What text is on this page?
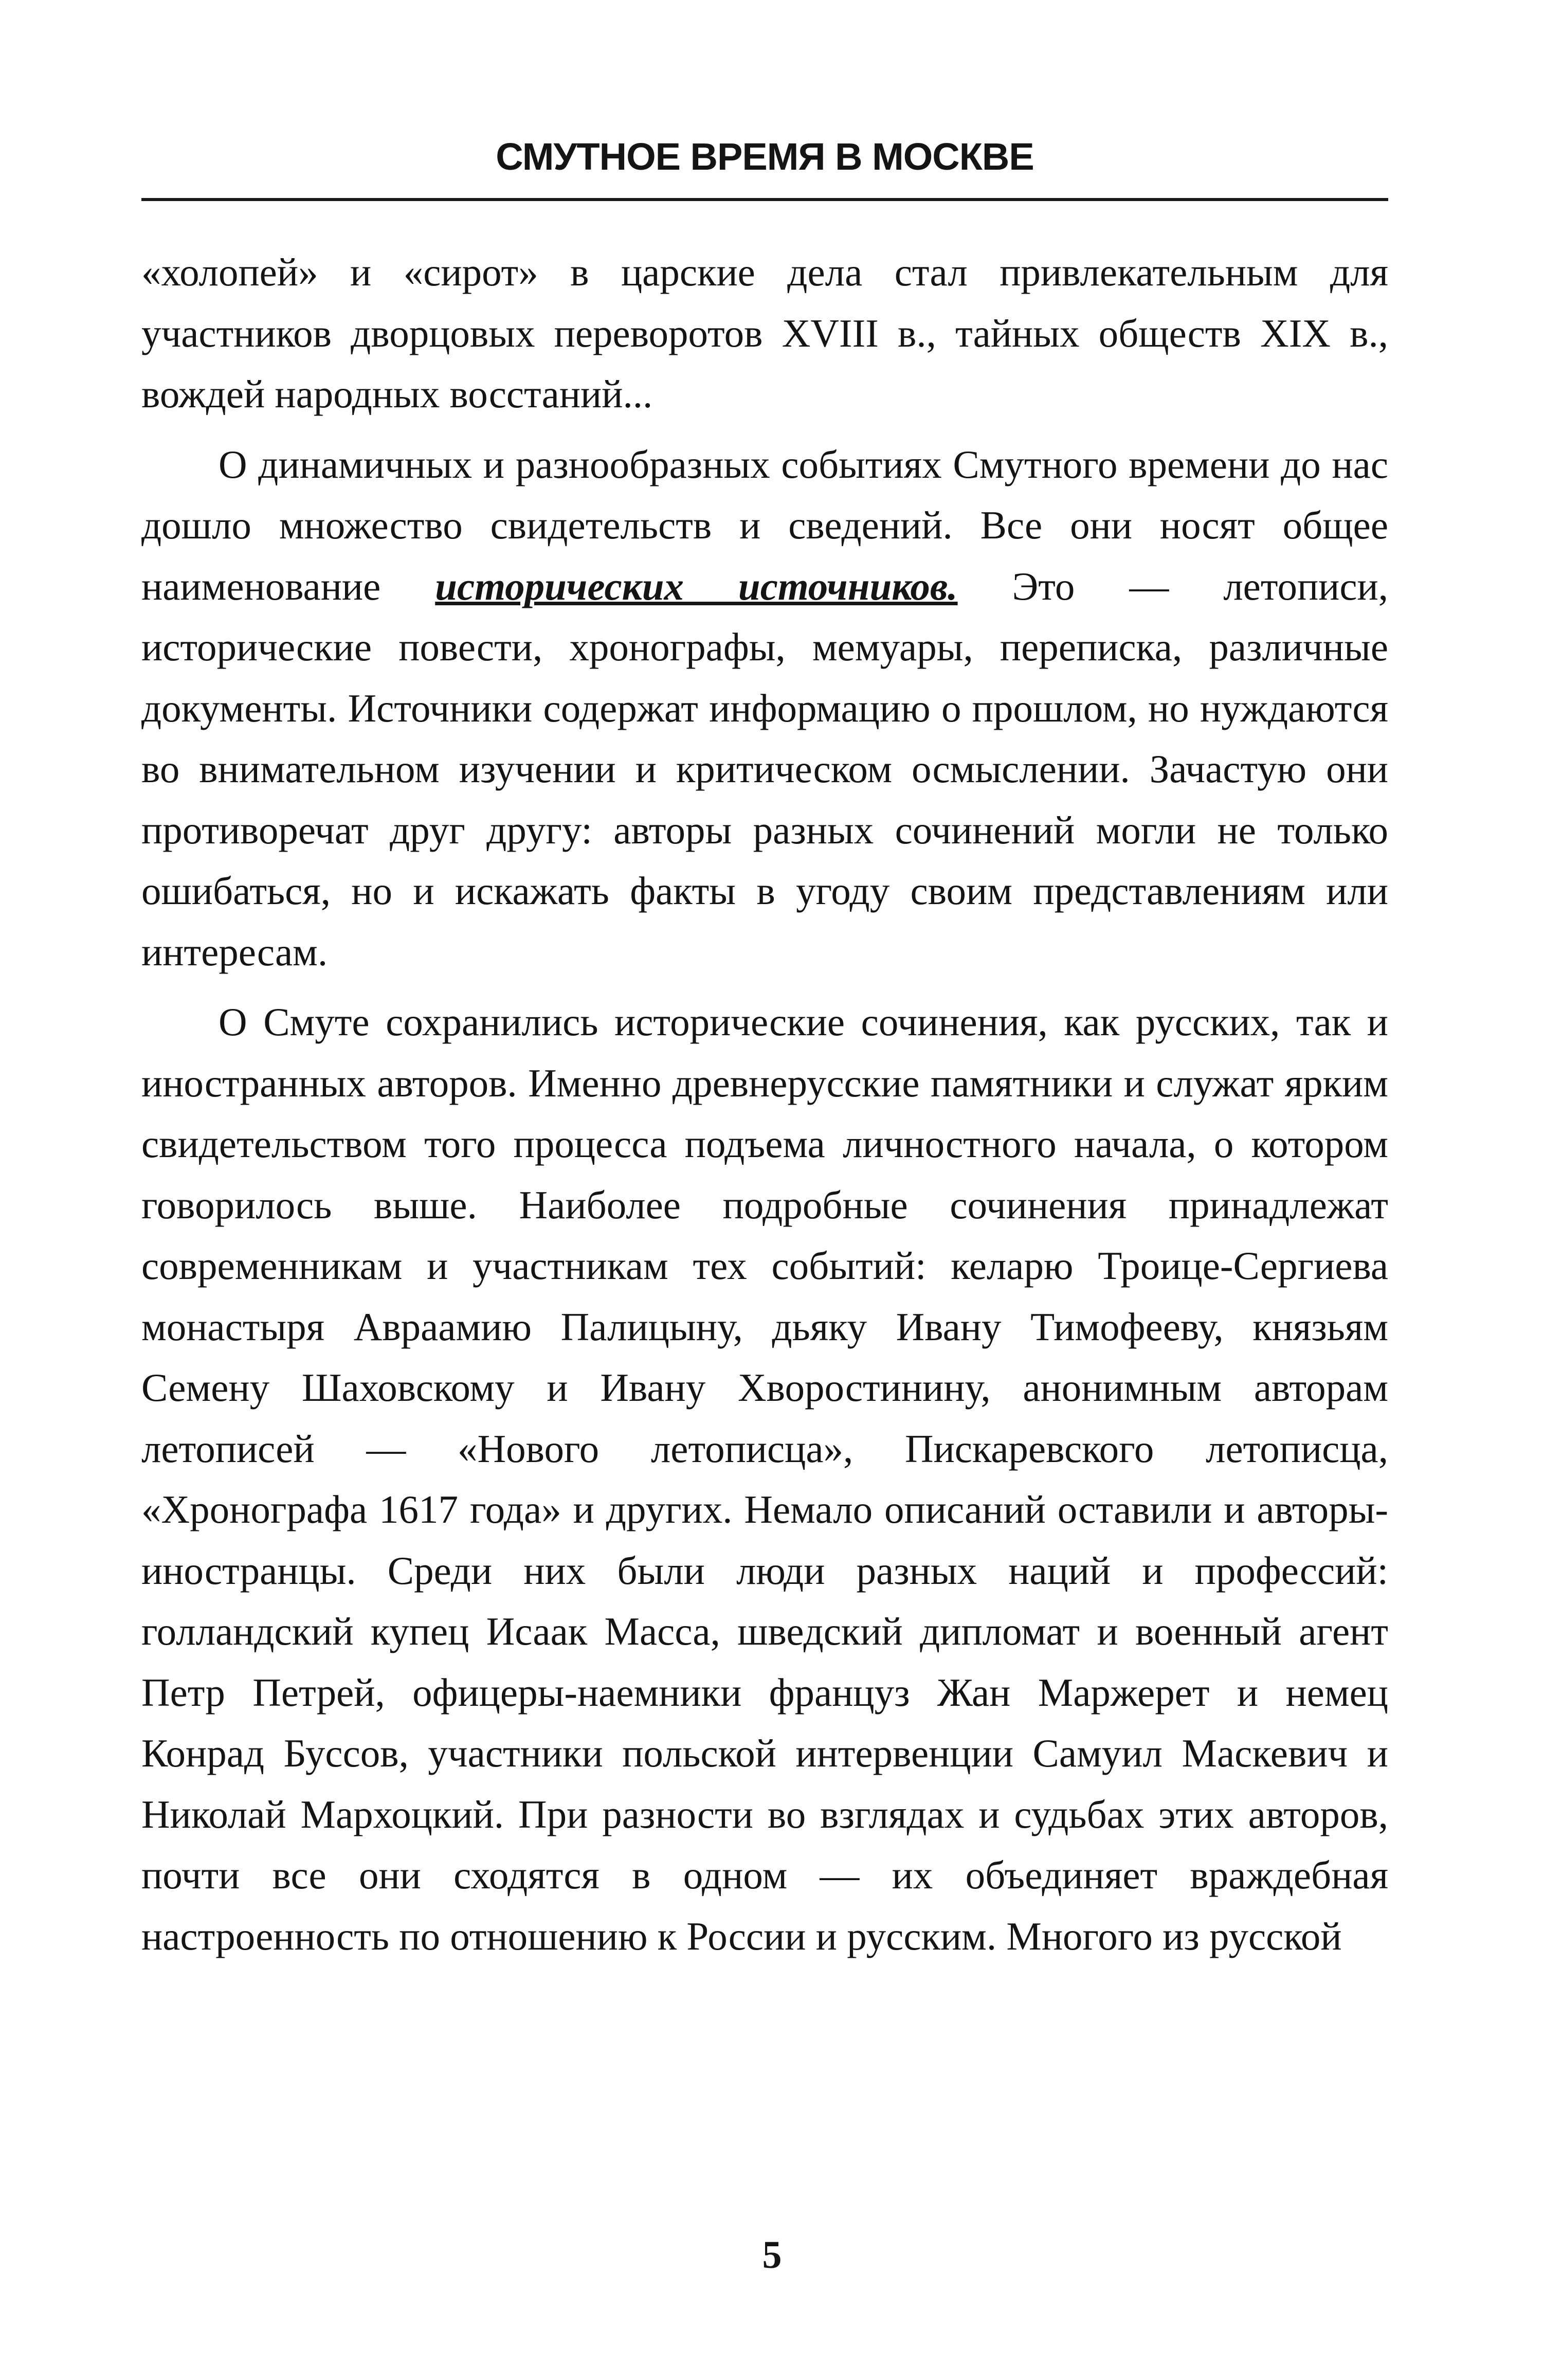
СМУТНОЕ ВРЕМЯ В МОСКВЕ

«холопей» и «сирот» в царские дела стал привлекательным для участников дворцовых переворотов XVIII в., тайных обществ XIX в., вождей народных восстаний...

О динамичных и разнообразных событиях Смутного времени до нас дошло множество свидетельств и сведений. Все они носят общее наименование исторических источников. Это — летописи, исторические повести, хронографы, мемуары, переписка, различные документы. Источники содержат информацию о прошлом, но нуждаются во внимательном изучении и критическом осмыслении. Зачастую они противоречат друг другу: авторы разных сочинений могли не только ошибаться, но и искажать факты в угоду своим представлениям или интересам.

О Смуте сохранились исторические сочинения, как русских, так и иностранных авторов. Именно древнерусские памятники и служат ярким свидетельством того процесса подъема личностного начала, о котором говорилось выше. Наиболее подробные сочинения принадлежат современникам и участникам тех событий: келарю Троице-Сергиева монастыря Авраамию Палицыну, дьяку Ивану Тимофееву, князьям Семену Шаховскому и Ивану Хворостинину, анонимным авторам летописей — «Нового летописца», Пискаревского летописца, «Хронографа 1617 года» и других. Немало описаний оставили и авторы-иностранцы. Среди них были люди разных наций и профессий: голландский купец Исаак Масса, шведский дипломат и военный агент Петр Петрей, офицеры-наемники француз Жан Маржерет и немец Конрад Буссов, участники польской интервенции Самуил Маскевич и Николай Мархоцкий. При разности во взглядах и судьбах этих авторов, почти все они сходятся в одном — их объединяет враждебная настроенность по отношению к России и русским. Многого из русской

5
